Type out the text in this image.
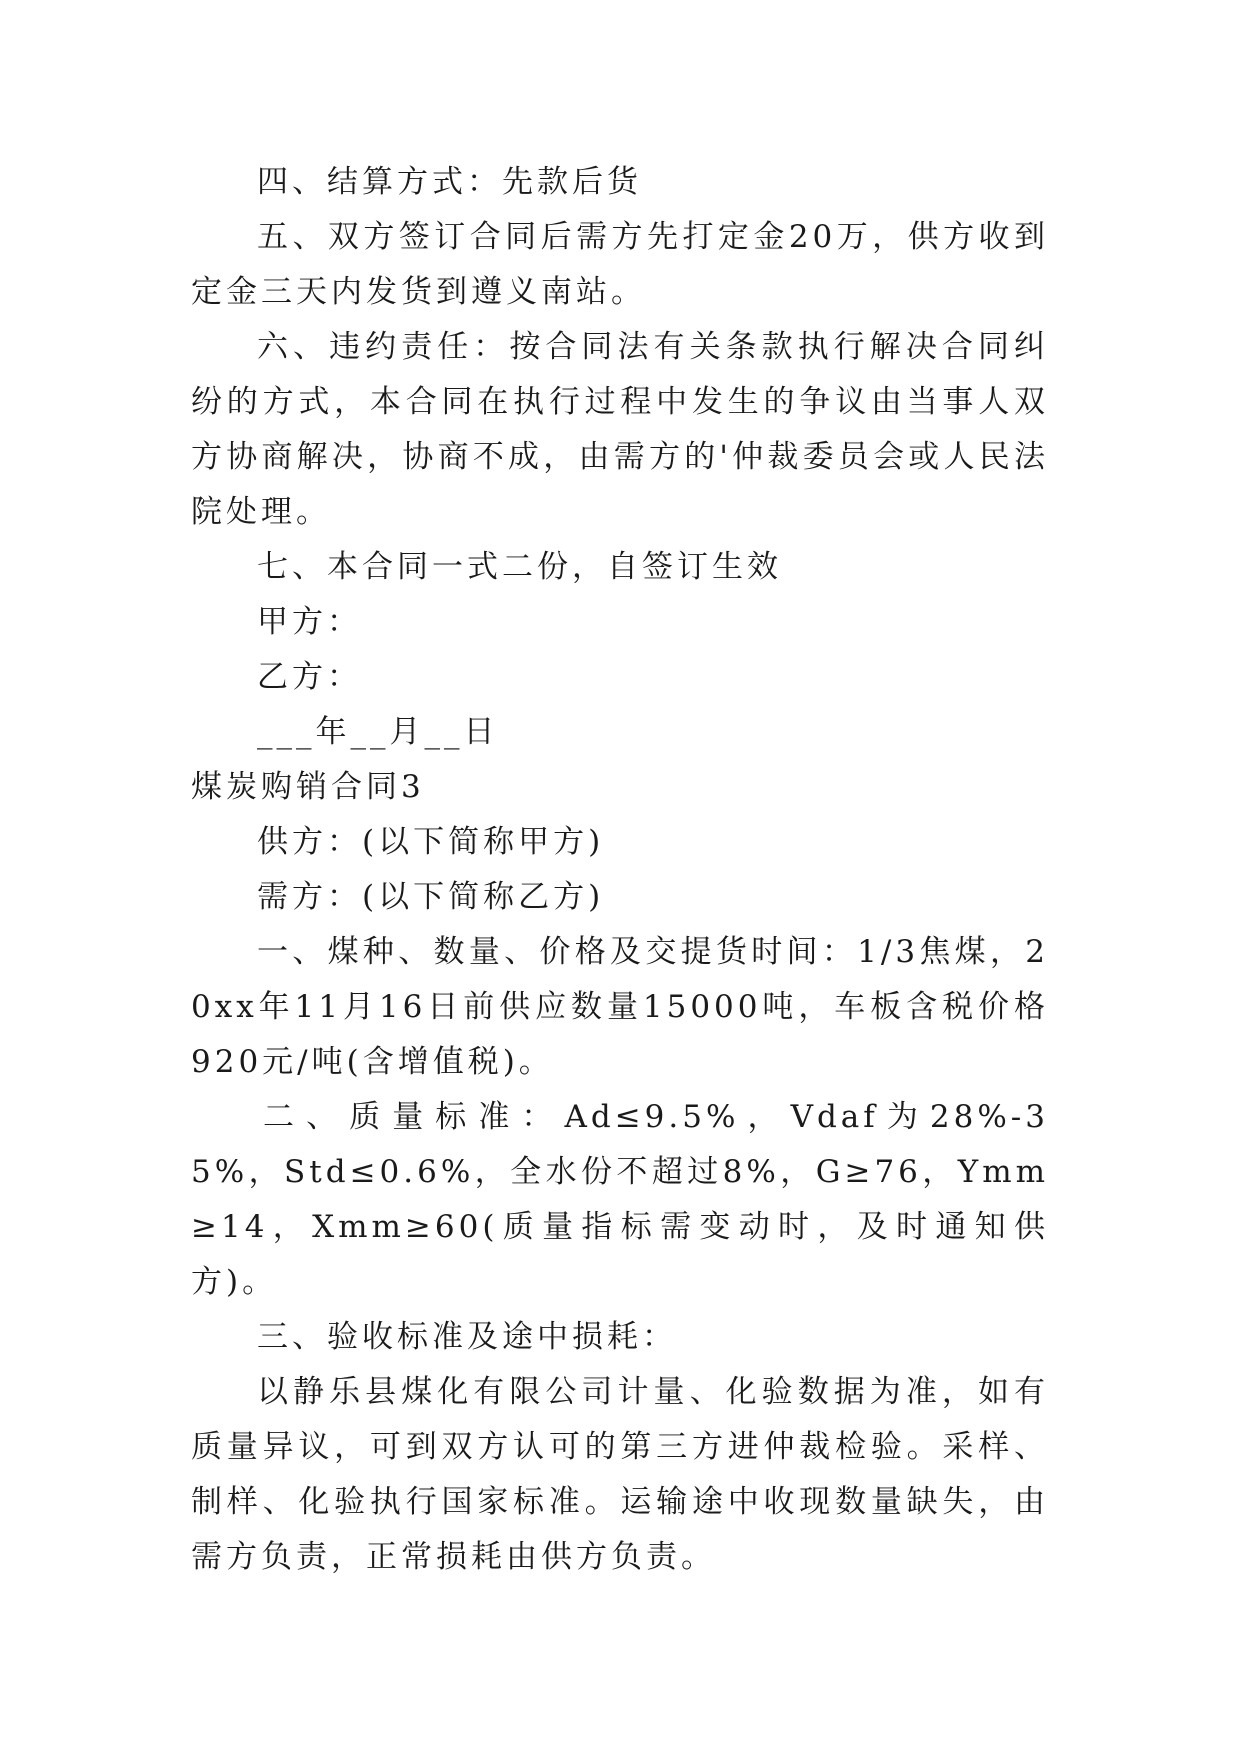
四、结算方式：先款后货

五、双方签订合同后需方先打定金20万，供方收到定金三天内发货到遵义南站。

六、违约责任：按合同法有关条款执行解决合同纠纷的方式，本合同在执行过程中发生的争议由当事人双方协商解决，协商不成，由需方的'仲裁委员会或人民法院处理。

七、本合同一式二份，自签订生效

甲方：

乙方：

___年__月__日

煤炭购销合同3

供方：(以下简称甲方)

需方：(以下简称乙方)

一、煤种、数量、价格及交提货时间：1/3焦煤，20xx年11月16日前供应数量15000吨，车板含税价格920元/吨(含增值税)。

二、质量标准：Ad≤9.5%，Vdaf为28%-35%，Std≤0.6%，全水份不超过8%，G≥76，Ymm≥14，Xmm≥60(质量指标需变动时，及时通知供方)。

三、验收标准及途中损耗：

以静乐县煤化有限公司计量、化验数据为准，如有质量异议，可到双方认可的第三方进仲裁检验。采样、制样、化验执行国家标准。运输途中收现数量缺失，由需方负责，正常损耗由供方负责。
